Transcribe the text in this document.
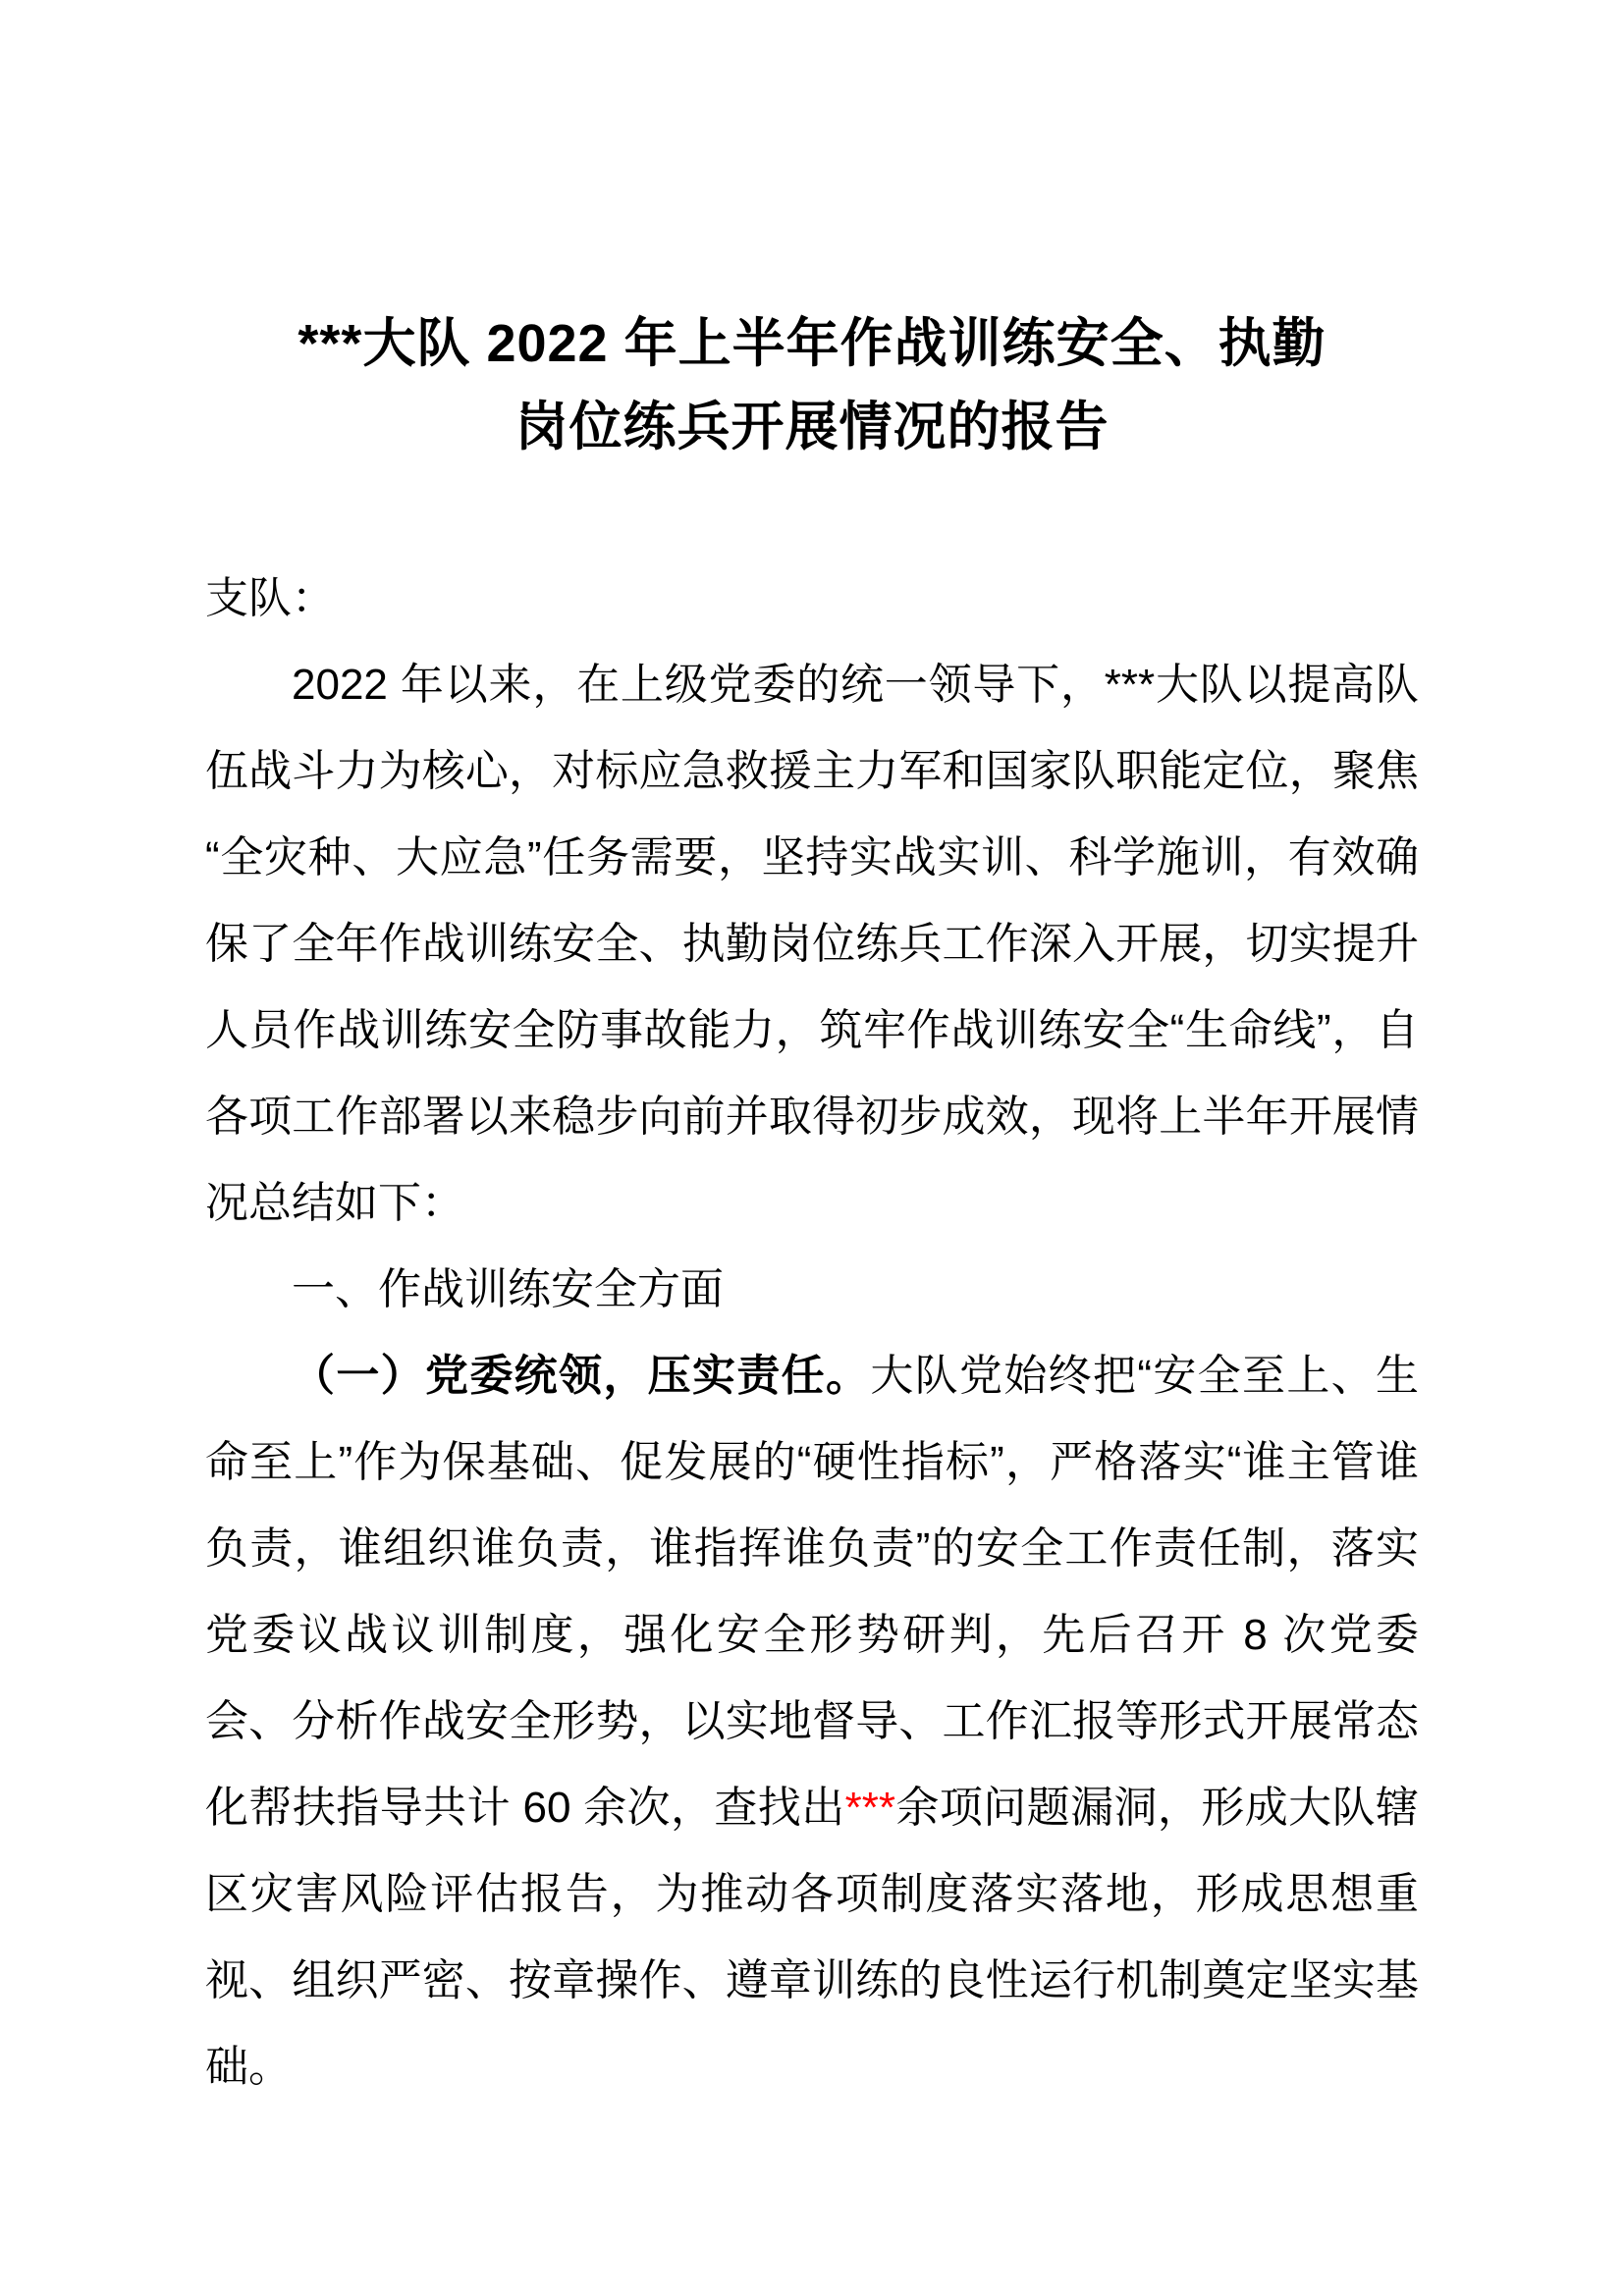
***大队 2022 年上半年作战训练安全、执勤
岗位练兵开展情况的报告
支队：

2022 年以来，在上级党委的统一领导下，***大队以提高队伍战斗力为核心，对标应急救援主力军和国家队职能定位，聚焦“全灾种、大应急”任务需要，坚持实战实训、科学施训，有效确保了全年作战训练安全、执勤岗位练兵工作深入开展，切实提升人员作战训练安全防事故能力，筑牢作战训练安全“生命线”，自各项工作部署以来稳步向前并取得初步成效，现将上半年开展情况总结如下：

一、作战训练安全方面

（一）党委统领，压实责任。大队党始终把“安全至上、生命至上”作为保基础、促发展的“硬性指标”，严格落实“谁主管谁负责，谁组织谁负责，谁指挥谁负责”的安全工作责任制，落实党委议战议训制度，强化安全形势研判，先后召开 8 次党委会、分析作战安全形势，以实地督导、工作汇报等形式开展常态化帮扶指导共计 60 余次，查找出***余项问题漏洞，形成大队辖区灾害风险评估报告，为推动各项制度落实落地，形成思想重视、组织严密、按章操作、遵章训练的良性运行机制奠定坚实基础。
